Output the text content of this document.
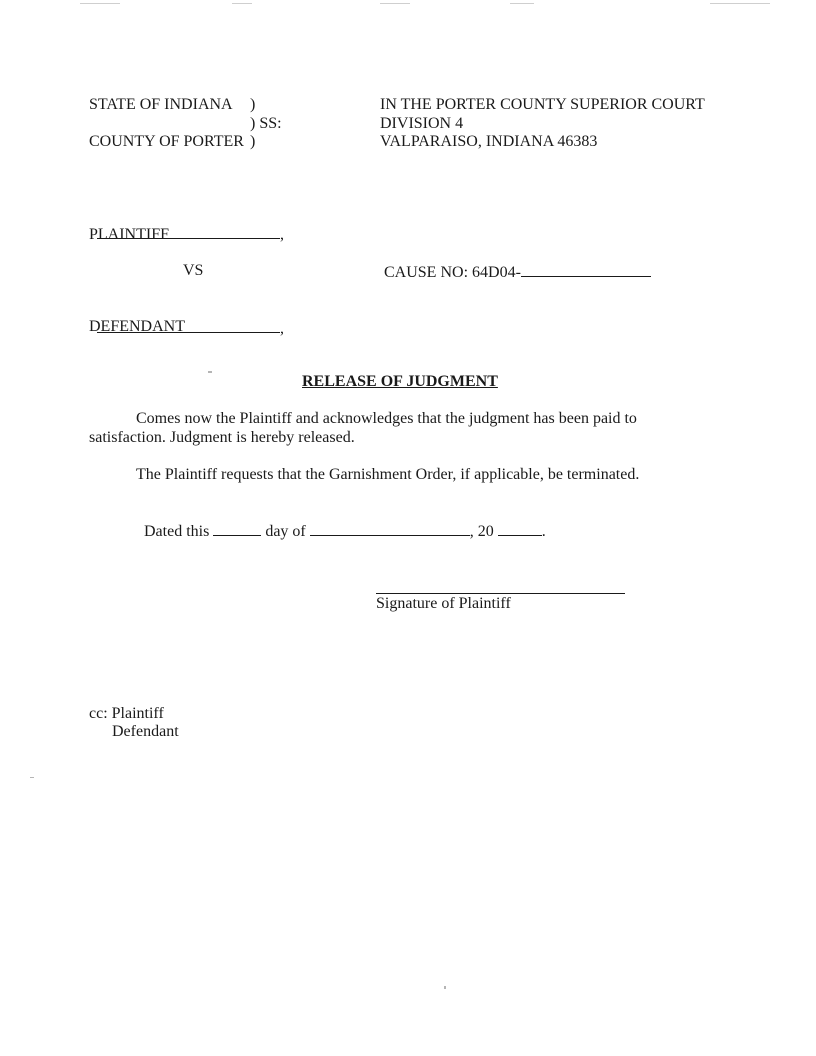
STATE OF INDIANA )
) SS:
COUNTY OF PORTER )
IN THE PORTER COUNTY SUPERIOR COURT
DIVISION 4
VALPARAISO, INDIANA 46383

,

PLAINTIFF

CAUSE NO: 64D04-

VS

,

DEFENDANT
RELEASE OF JUDGMENT
Comes now the Plaintiff and acknowledges that the judgment has been paid to
satisfaction. Judgment is hereby released.
The Plaintiff requests that the Garnishment Order, if applicable, be terminated.

Dated this	day of	, 20	.

Signature of Plaintiff
cc: Plaintiff
Defendant
